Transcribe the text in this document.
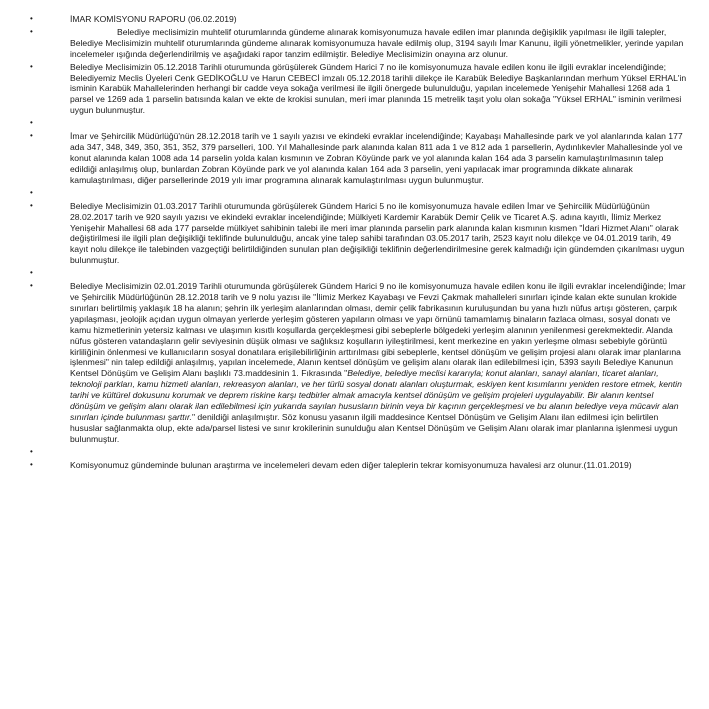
•	İMAR KOMİSYONU RAPORU (06.02.2019)

•	Belediye meclisimizin muhtelif oturumlarında gündeme alınarak komisyonumuza havale edilen imar planında değişiklik yapılması ile ilgili talepler, Belediye Meclisimizin muhtelif oturumlarında gündeme alınarak komisyonumuza havale edilmiş olup, 3194 sayılı İmar Kanunu, ilgili yönetmelikler, yerinde yapılan incelemeler ışığında değerlendirilmiş ve aşağıdaki rapor tanzim edilmiştir. Belediye Meclisimizin onayına arz olunur.

•	Belediye Meclisimizin 05.12.2018 Tarihli oturumunda görüşülerek Gündem Harici 7 no ile komisyonumuza havale edilen konu ile ilgili evraklar incelendiğinde; Belediyemiz Meclis Üyeleri Cenk GEDİKOĞLU ve Harun CEBECİ imzalı 05.12.2018 tarihli dilekçe ile Karabük Belediye Başkanlarından merhum Yüksel ERHAL'in isminin Karabük Mahallelerinden herhangi bir cadde veya sokağa verilmesi ile ilgili önergede bulunulduğu, yapılan incelemede Yenişehir Mahallesi 1268 ada 1 parsel ve 1269 ada 1 parselin batısında kalan ve ekte de krokisi sunulan, meri imar planında 15 metrelik taşıt yolu olan sokağa "Yüksel ERHAL" isminin verilmesi uygun bulunmuştur.

•
•	İmar ve Şehircilik Müdürlüğü'nün 28.12.2018 tarih ve 1 sayılı yazısı ve ekindeki evraklar incelendiğinde; Kayabaşı Mahallesinde park ve yol alanlarında kalan 177 ada 347, 348, 349, 350, 351, 352, 379 parselleri, 100. Yıl Mahallesinde park alanında kalan 811 ada 1 ve 812 ada 1 parsellerin, Aydınlıkevler Mahallesinde yol ve konut alanında kalan 1008 ada 14 parselin yolda kalan kısmının ve Zobran Köyünde park ve yol alanında kalan 164 ada 3 parselin kamulaştırılmasının talep edildiği anlaşılmış olup, bunlardan Zobran Köyünde park ve yol alanında kalan 164 ada 3 parselin, yeni yapılacak imar programında dikkate alınarak kamulaştırılması, diğer parsellerinde 2019 yılı imar programına alınarak kamulaştırılması uygun bulunmuştur.

•
•	Belediye Meclisimizin 01.03.2017 Tarihli oturumunda görüşülerek Gündem Harici 5 no ile komisyonumuza havale edilen İmar ve Şehircilik Müdürlüğünün 28.02.2017 tarih ve 920 sayılı yazısı ve ekindeki evraklar incelendiğinde; Mülkiyeti Kardemir Karabük Demir Çelik ve Ticaret A.Ş. adına kayıtlı, İlimiz Merkez Yenişehir Mahallesi 68 ada 177 parselde mülkiyet sahibinin talebi ile meri imar planında parselin park alanında kalan kısmının kısmen "İdari Hizmet Alanı" olarak değiştirilmesi ile ilgili plan değişikliği teklifinde bulunulduğu, ancak yine talep sahibi tarafından 03.05.2017 tarih, 2523 kayıt nolu dilekçe ve 04.01.2019 tarih, 49 kayıt nolu dilekçe ile talebinden vazgeçtiği belirtildiğinden sunulan plan değişikliği teklifinin değerlendirilmesine gerek kalmadığı için gündemden çıkarılması uygun bulunmuştur.

•
•	Belediye Meclisimizin 02.01.2019 Tarihli oturumunda görüşülerek Gündem Harici 9 no ile komisyonumuza havale edilen konu ile ilgili evraklar incelendiğinde; İmar ve Şehircilik Müdürlüğünün 28.12.2018 tarih ve 9 nolu yazısı ile "İlimiz Merkez Kayabaşı ve Fevzi Çakmak mahalleleri sınırları içinde kalan ekte sunulan krokide sınırları belirtilmiş yaklaşık 18 ha alanın; şehrin ilk yerleşim alanlarından olması, demir çelik fabrikasının kuruluşundan bu yana hızlı nüfus artışı gösteren, çarpık yapılaşması, jeolojik açıdan uygun olmayan yerlerde yerleşim gösteren yapıların olması ve yapı örnünü tamamlamış binaların fazlaca olması, sosyal donatı ve kamu hizmetlerinin yetersiz kalması ve ulaşımın kısıtlı koşullarda gerçekleşmesi gibi sebeplerle bölgedeki yerleşim alanının yenilenmesi gerekmektedir. Alanda nüfus gösteren vatandaşların gelir seviyesinin düşük olması ve sağlıksız koşulların iyileştirilmesi, kent merkezine en yakın yerleşme olması sebebiyle görüntü kirliliğinin önlenmesi ve kullanıcıların sosyal donatılara erişilebilirliğinin arttırılması gibi sebeplerle, kentsel dönüşüm ve gelişim projesi alanı olarak imar planlarına işlenmesi" nin talep edildiği anlaşılmış, yapılan incelemede, Alanın kentsel dönüşüm ve gelişim alanı olarak ilan edilebilmesi için, 5393 sayılı Belediye Kanunun Kentsel Dönüşüm ve Gelişim Alanı başlıklı 73.maddesinin 1. Fıkrasında "Belediye, belediye meclisi kararıyla; konut alanları, sanayi alanları, ticaret alanları, teknoloji parkları, kamu hizmeti alanları, rekreasyon alanları, ve her türlü sosyal donatı alanları oluşturmak, eskiyen kent kısımlarını yeniden restore etmek, kentin tarihi ve kültürel dokusunu korumak ve deprem riskine karşı tedbirler almak amacıyla kentsel dönüşüm ve gelişim projeleri uygulayabilir. Bir alanın kentsel dönüşüm ve gelişim alanı olarak ilan edilebilmesi için yukarıda sayılan hususların birinin veya bir kaçının gerçekleşmesi ve bu alanın belediye veya mücavir alan sınırları içinde bulunması şarttır." denildiği anlaşılmıştır. Söz konusu yasanın ilgili maddesince Kentsel Dönüşüm ve Gelişim Alanı ilan edilmesi için belirtilen hususlar sağlanmakta olup, ekte ada/parsel listesi ve sınır krokilerinin sunulduğu alan Kentsel Dönüşüm ve Gelişim Alanı olarak imar planlarına işlenmesi uygun bulunmuştur.

•
•	Komisyonumuz gündeminde bulunan araştırma ve incelemeleri devam eden diğer taleplerin tekrar komisyonumuza havalesi arz olunur.(11.01.2019)
